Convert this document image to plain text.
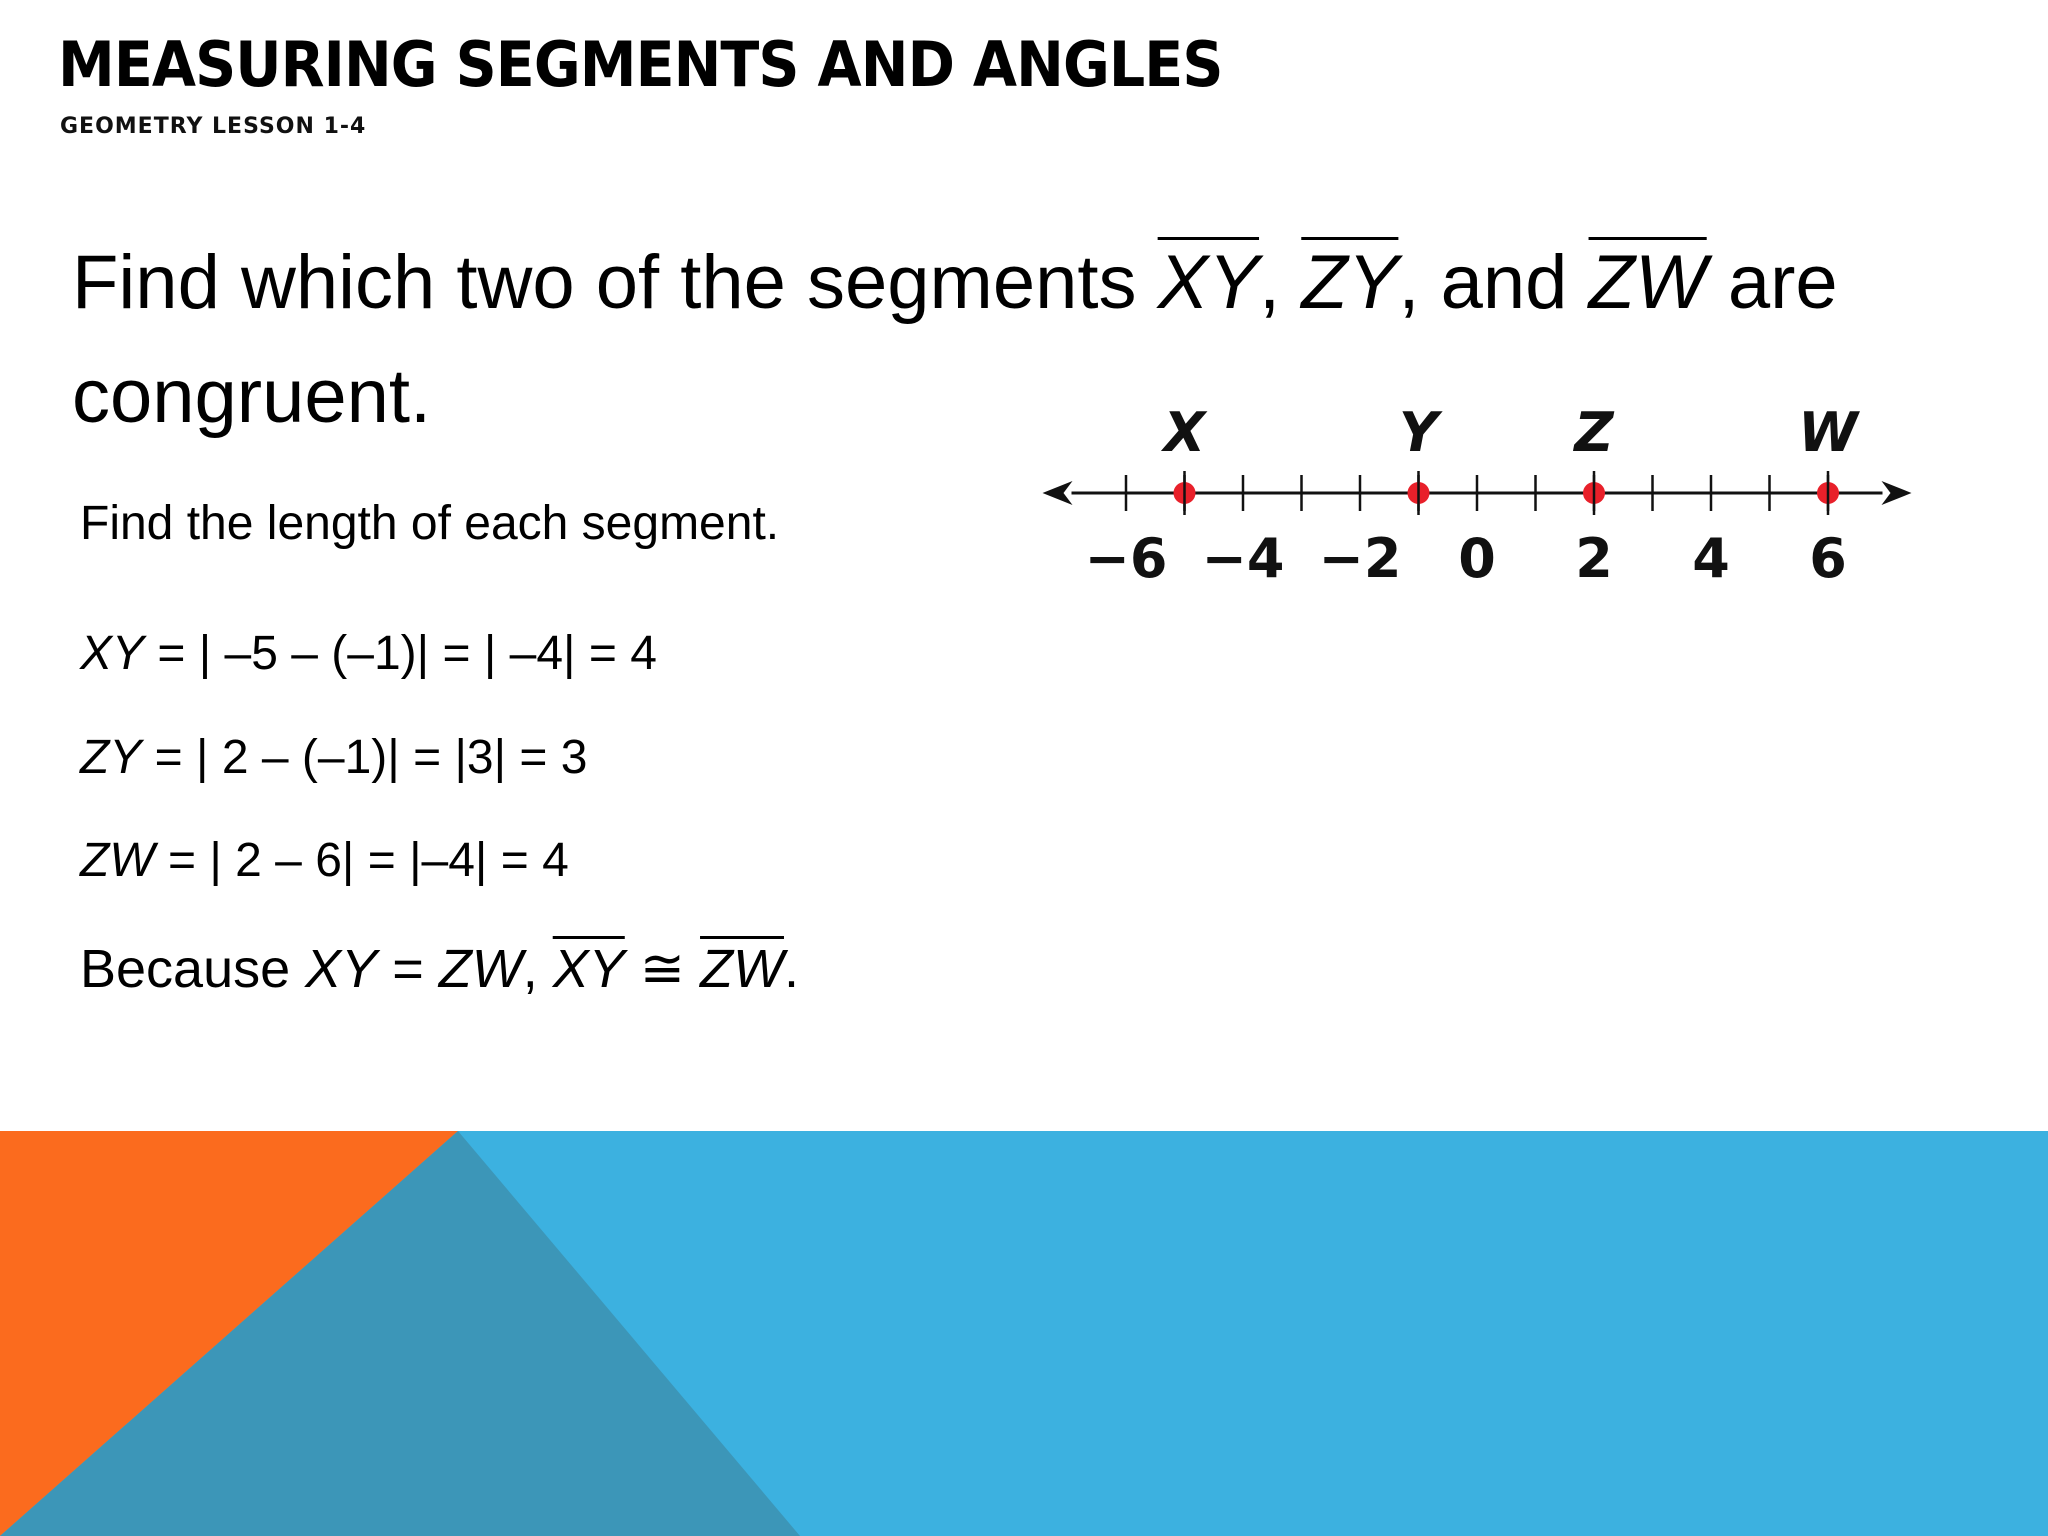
MEASURING SEGMENTS AND ANGLES
GEOMETRY LESSON 1-4
Find which two of the segments $\overline{XY}$, $\overline{ZY}$, and $\overline{ZW}$ are congruent.
Find the length of each segment.
XY = | –5 – (–1)| = | –4| = 4
ZY = | 2 – (–1)| = |3| = 3
ZW = | 2 – 6| = |–4| = 4
Because XY = ZW, $\overline{XY}$ ≅ $\overline{ZW}$.
X	Y	Z	W
−6 −4 −2 0 2 4 6
